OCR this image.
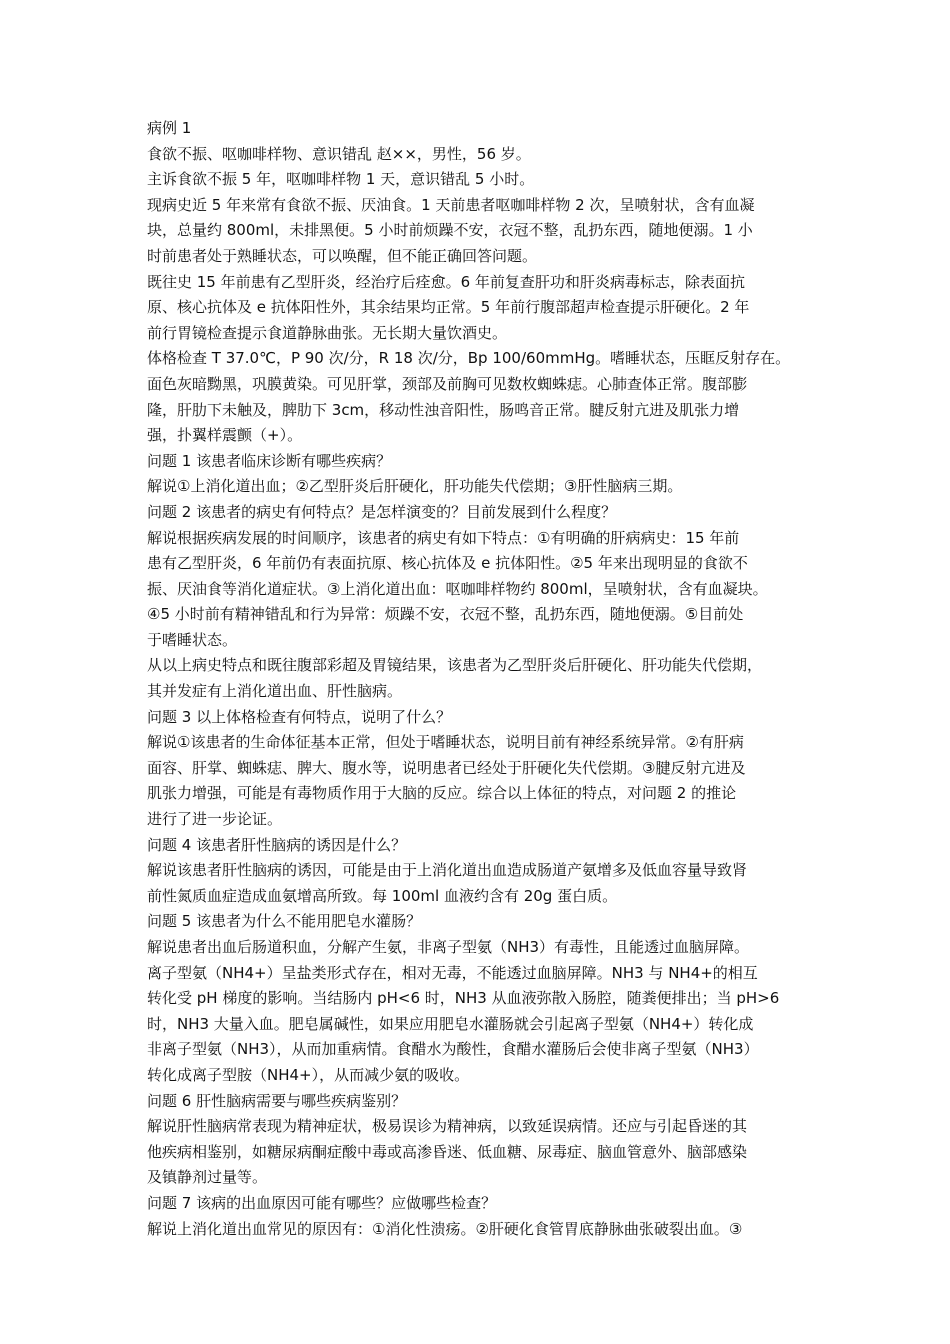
病例 1
食欲不振、呕咖啡样物、意识错乱 赵××，男性，56 岁。
主诉食欲不振 5 年，呕咖啡样物 1 天，意识错乱 5 小时。
现病史近 5 年来常有食欲不振、厌油食。1 天前患者呕咖啡样物 2 次，呈喷射状，含有血凝
块，总量约 800ml，未排黑便。5 小时前烦躁不安，衣冠不整，乱扔东西，随地便溺。1 小
时前患者处于熟睡状态，可以唤醒，但不能正确回答问题。
既往史 15 年前患有乙型肝炎，经治疗后痊愈。6 年前复查肝功和肝炎病毒标志，除表面抗
原、核心抗体及 e 抗体阳性外，其余结果均正常。5 年前行腹部超声检查提示肝硬化。2 年
前行胃镜检查提示食道静脉曲张。无长期大量饮酒史。
体格检查 T 37.0℃，P 90 次/分，R 18 次/分，Bp 100/60mmHg。嗜睡状态，压眶反射存在。
面色灰暗黝黑，巩膜黄染。可见肝掌，颈部及前胸可见数枚蜘蛛痣。心肺查体正常。腹部膨
隆，肝肋下未触及，脾肋下 3cm，移动性浊音阳性，肠鸣音正常。腱反射亢进及肌张力增
强，扑翼样震颤（+）。
问题 1 该患者临床诊断有哪些疾病？
解说①上消化道出血；②乙型肝炎后肝硬化，肝功能失代偿期；③肝性脑病三期。
问题 2 该患者的病史有何特点？是怎样演变的？目前发展到什么程度？
解说根据疾病发展的时间顺序，该患者的病史有如下特点：①有明确的肝病病史：15 年前
患有乙型肝炎，6 年前仍有表面抗原、核心抗体及 e 抗体阳性。②5 年来出现明显的食欲不
振、厌油食等消化道症状。③上消化道出血：呕咖啡样物约 800ml，呈喷射状，含有血凝块。
④5 小时前有精神错乱和行为异常：烦躁不安，衣冠不整，乱扔东西，随地便溺。⑤目前处
于嗜睡状态。
从以上病史特点和既往腹部彩超及胃镜结果，该患者为乙型肝炎后肝硬化、肝功能失代偿期，
其并发症有上消化道出血、肝性脑病。
问题 3 以上体格检查有何特点，说明了什么？
解说①该患者的生命体征基本正常，但处于嗜睡状态，说明目前有神经系统异常。②有肝病
面容、肝掌、蜘蛛痣、脾大、腹水等，说明患者已经处于肝硬化失代偿期。③腱反射亢进及
肌张力增强，可能是有毒物质作用于大脑的反应。综合以上体征的特点，对问题 2 的推论
进行了进一步论证。
问题 4 该患者肝性脑病的诱因是什么？
解说该患者肝性脑病的诱因，可能是由于上消化道出血造成肠道产氨增多及低血容量导致肾
前性氮质血症造成血氨增高所致。每 100ml 血液约含有 20g 蛋白质。
问题 5 该患者为什么不能用肥皂水灌肠？
解说患者出血后肠道积血，分解产生氨，非离子型氨（NH3）有毒性，且能透过血脑屏障。
离子型氨（NH4+）呈盐类形式存在，相对无毒，不能透过血脑屏障。NH3 与 NH4+的相互
转化受 pH 梯度的影响。当结肠内 pH<6 时，NH3 从血液弥散入肠腔，随粪便排出；当 pH>6
时，NH3 大量入血。肥皂属碱性，如果应用肥皂水灌肠就会引起离子型氨（NH4+）转化成
非离子型氨（NH3），从而加重病情。食醋水为酸性，食醋水灌肠后会使非离子型氨（NH3）
转化成离子型胺（NH4+），从而减少氨的吸收。
问题 6 肝性脑病需要与哪些疾病鉴别？
解说肝性脑病常表现为精神症状，极易误诊为精神病，以致延误病情。还应与引起昏迷的其
他疾病相鉴别，如糖尿病酮症酸中毒或高渗昏迷、低血糖、尿毒症、脑血管意外、脑部感染
及镇静剂过量等。
问题 7 该病的出血原因可能有哪些？应做哪些检查？
解说上消化道出血常见的原因有：①消化性溃疡。②肝硬化食管胃底静脉曲张破裂出血。③
